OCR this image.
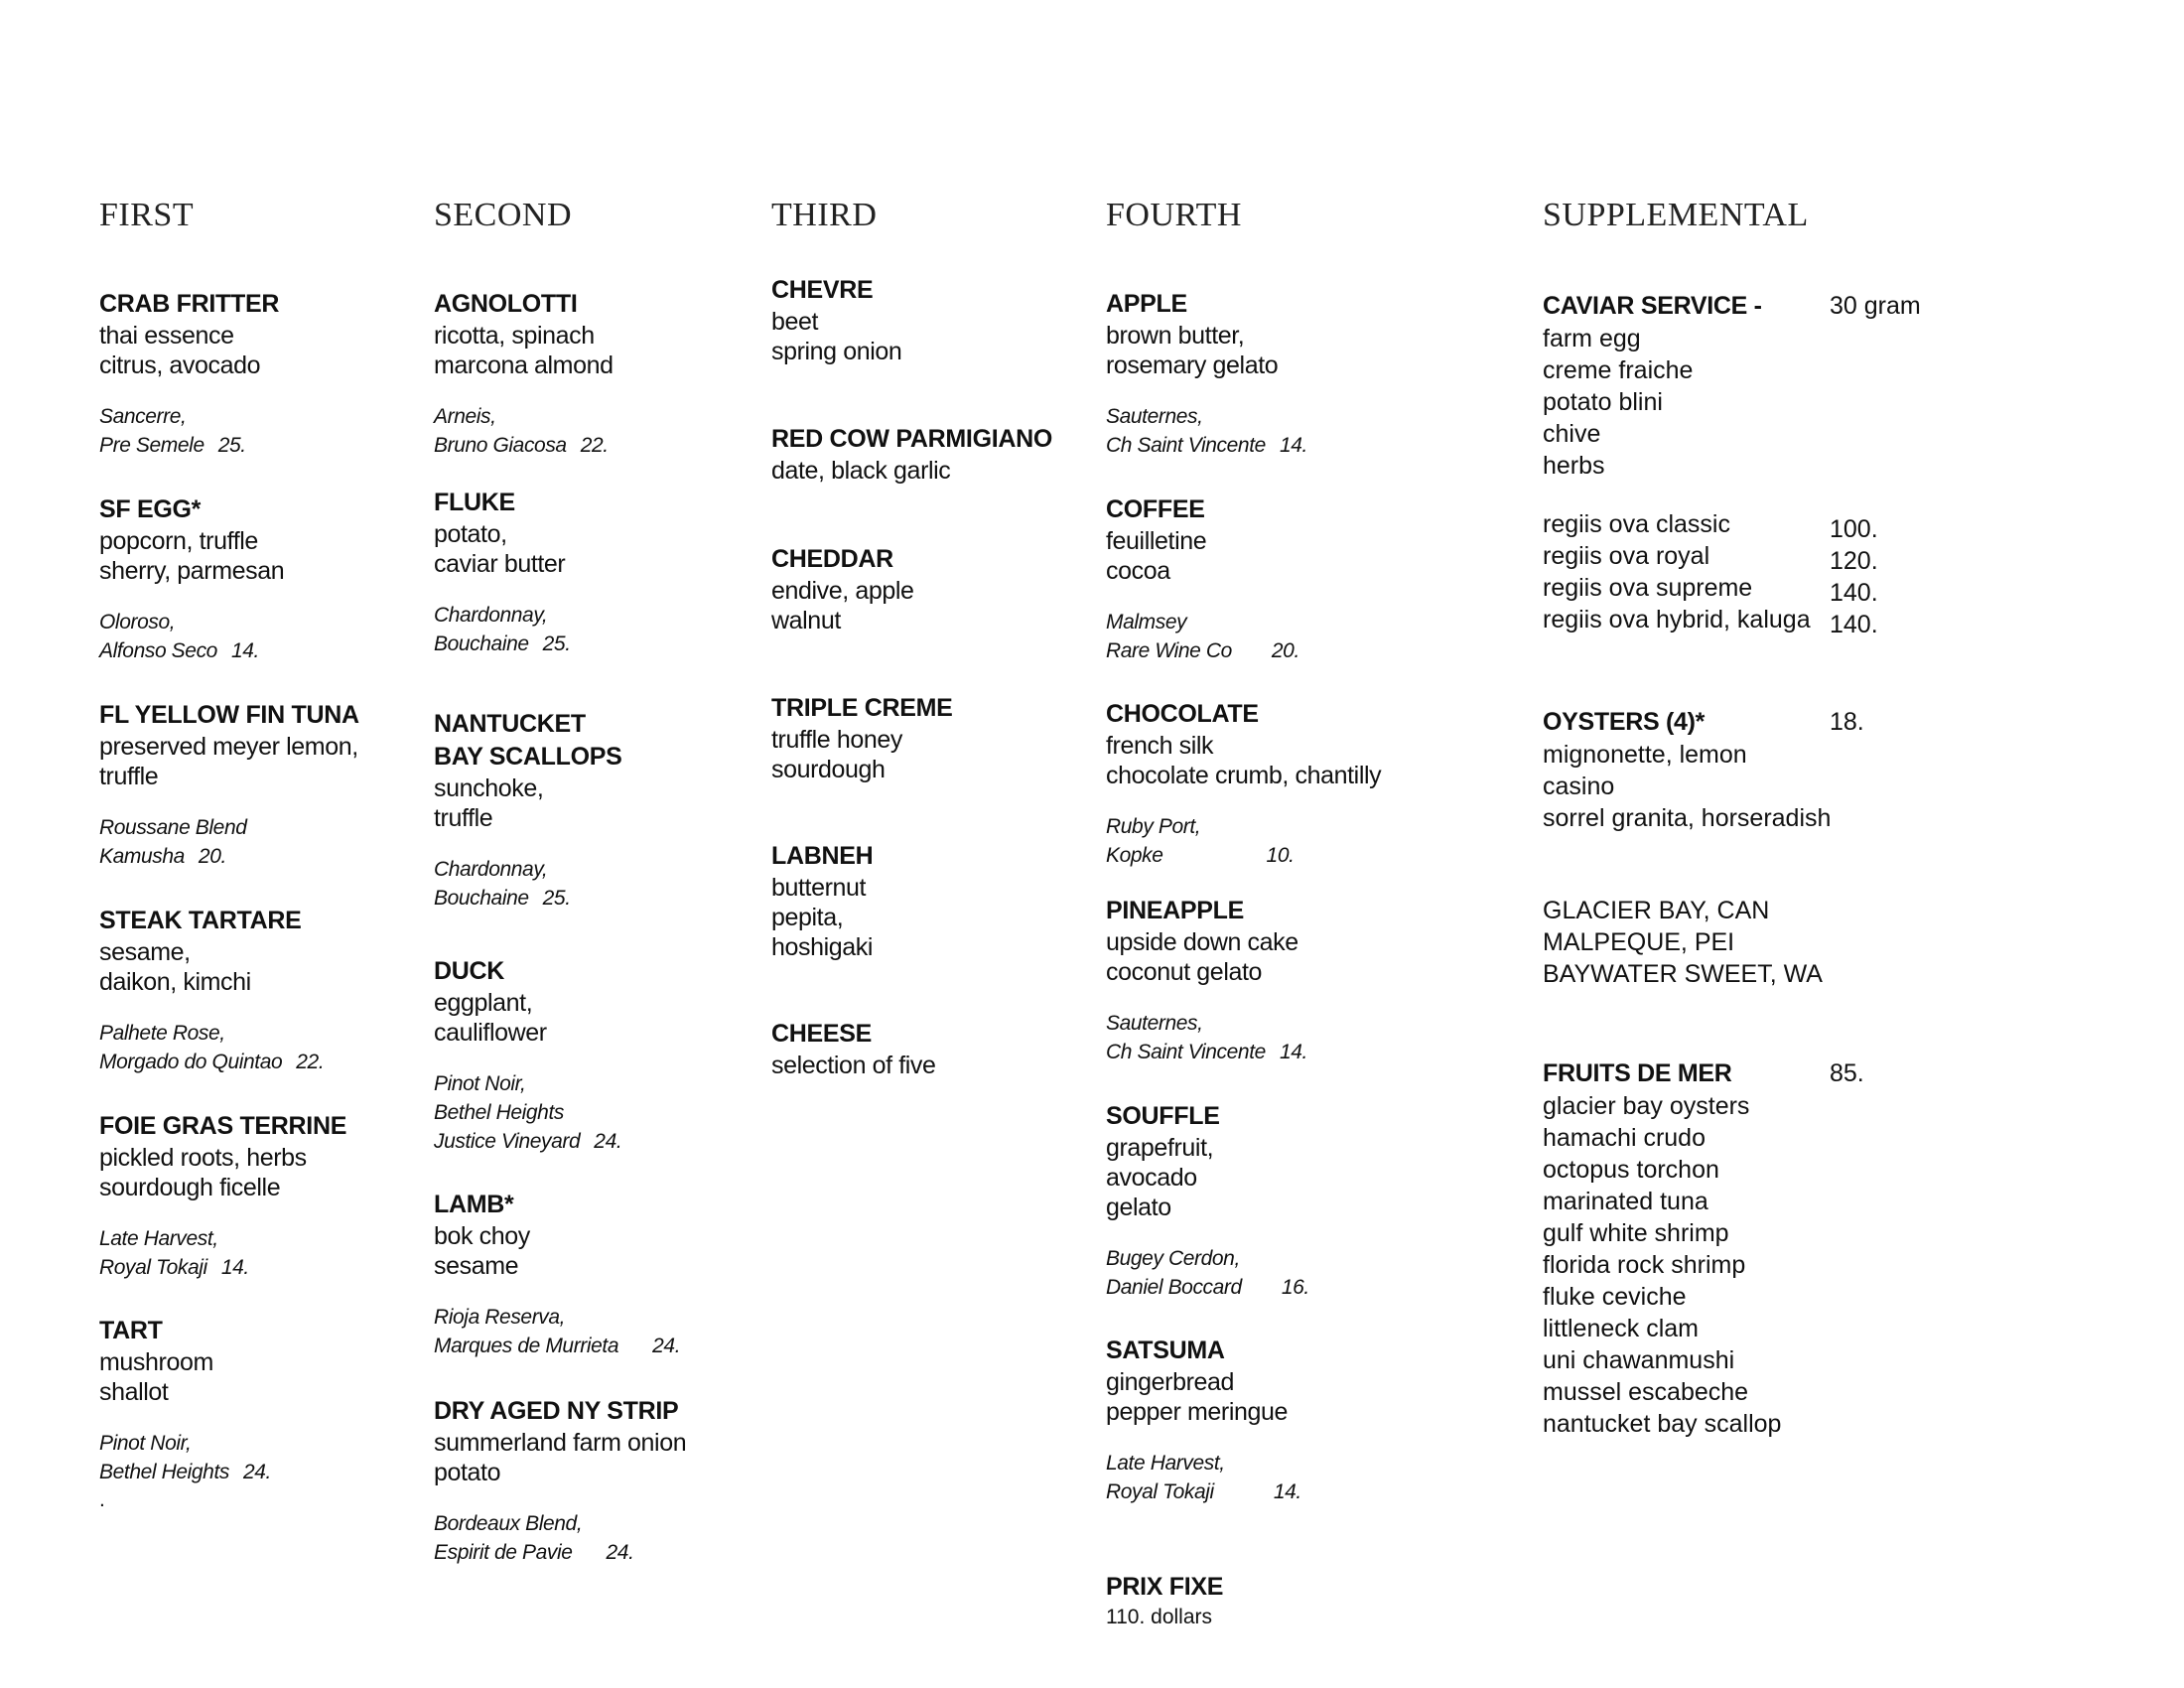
FIRST
CRAB FRITTER
thai essence
citrus, avocado
Sancerre,
Pre Semele 25.
SF EGG*
popcorn, truffle
sherry, parmesan
Oloroso,
Alfonso Seco 14.
FL YELLOW FIN TUNA
preserved meyer lemon,
truffle
Roussane Blend
Kamusha 20.
STEAK TARTARE
sesame,
daikon, kimchi
Palhete Rose,
Morgado do Quintao 22.
FOIE GRAS TERRINE
pickled roots, herbs
sourdough ficelle
Late Harvest,
Royal Tokaji 14.
TART
mushroom
shallot
Pinot Noir,
Bethel Heights 24.
.
SECOND
AGNOLOTTI
ricotta, spinach
marcona almond
Arneis,
Bruno Giacosa 22.
FLUKE
potato,
caviar butter
Chardonnay,
Bouchaine 25.
NANTUCKET
BAY SCALLOPS
sunchoke,
truffle
Chardonnay,
Bouchaine 25.
DUCK
eggplant,
cauliflower
Pinot Noir,
Bethel Heights
Justice Vineyard 24.
LAMB*
bok choy
sesame
Rioja Reserva,
Marques de Murrieta 24.
DRY AGED NY STRIP
summerland farm onion
potato
Bordeaux Blend,
Espirit de Pavie 24.
THIRD
CHEVRE
beet
spring onion
RED COW PARMIGIANO
date, black garlic
CHEDDAR
endive, apple
walnut
TRIPLE CREME
truffle honey
sourdough
LABNEH
butternut
pepita,
hoshigaki
CHEESE
selection of five
FOURTH
APPLE
brown butter,
rosemary gelato
Sauternes,
Ch Saint Vincente 14.
COFFEE
feuilletine
cocoa
Malmsey
Rare Wine Co 20.
CHOCOLATE
french silk
chocolate crumb, chantilly
Ruby Port,
Kopke	10.
PINEAPPLE
upside down cake
coconut gelato
Sauternes,
Ch Saint Vincente 14.
SOUFFLE
grapefruit,
avocado
gelato
Bugey Cerdon,
Daniel Boccard 16.
SATSUMA
gingerbread
pepper meringue
Late Harvest,
Royal Tokaji	14.
PRIX FIXE
110. dollars
SUPPLEMENTAL
CAVIAR SERVICE -
farm egg
creme fraiche
potato blini
chive
herbs
regiis ova classic
regiis ova royal
regiis ova supreme
regiis ova hybrid, kaluga
30 gram
100.
120.
140.
140.
OYSTERS (4)*
mignonette, lemon
casino
sorrel granita, horseradish
GLACIER BAY, CAN
MALPEQUE, PEI
BAYWATER SWEET, WA
18.
FRUITS DE MER
glacier bay oysters
hamachi crudo
octopus torchon
marinated tuna
gulf white shrimp
florida rock shrimp
fluke ceviche
littleneck clam
uni chawanmushi
mussel escabeche
nantucket bay scallop
85.
